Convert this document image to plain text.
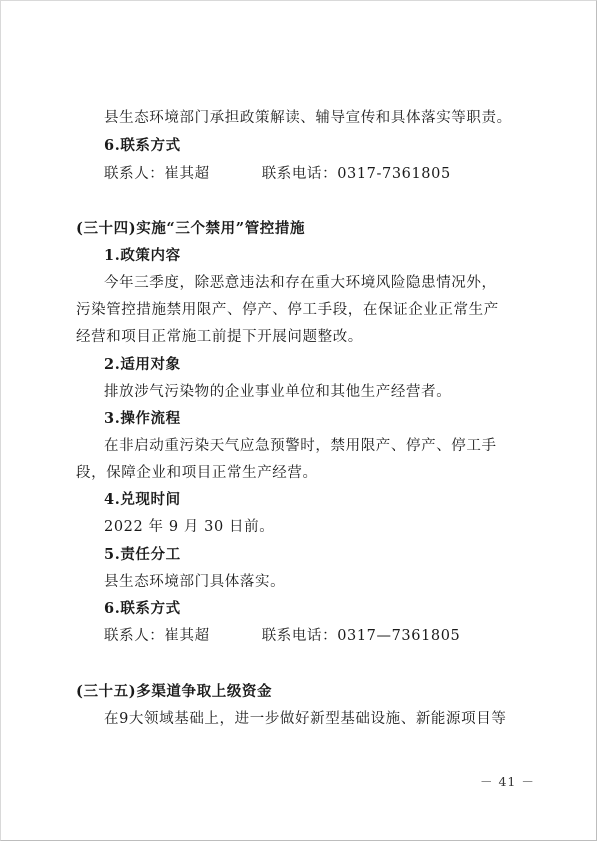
县生态环境部门承担政策解读、辅导宣传和具体落实等职责。
6.联系方式
联系人：崔其超	联系电话：0317-7361805
(三十四)实施“三个禁用”管控措施
1.政策内容
今年三季度，除恶意违法和存在重大环境风险隐患情况外，
污染管控措施禁用限产、停产、停工手段，在保证企业正常生产
经营和项目正常施工前提下开展问题整改。
2.适用对象
排放涉气污染物的企业事业单位和其他生产经营者。
3.操作流程
在非启动重污染天气应急预警时，禁用限产、停产、停工手
段，保障企业和项目正常生产经营。
4.兑现时间
2022 年 9 月 30 日前。
5.责任分工
县生态环境部门具体落实。
6.联系方式
联系人：崔其超	联系电话：0317—7361805
(三十五)多渠道争取上级资金
在9大领域基础上，进一步做好新型基础设施、新能源项目等
－ 41 －
